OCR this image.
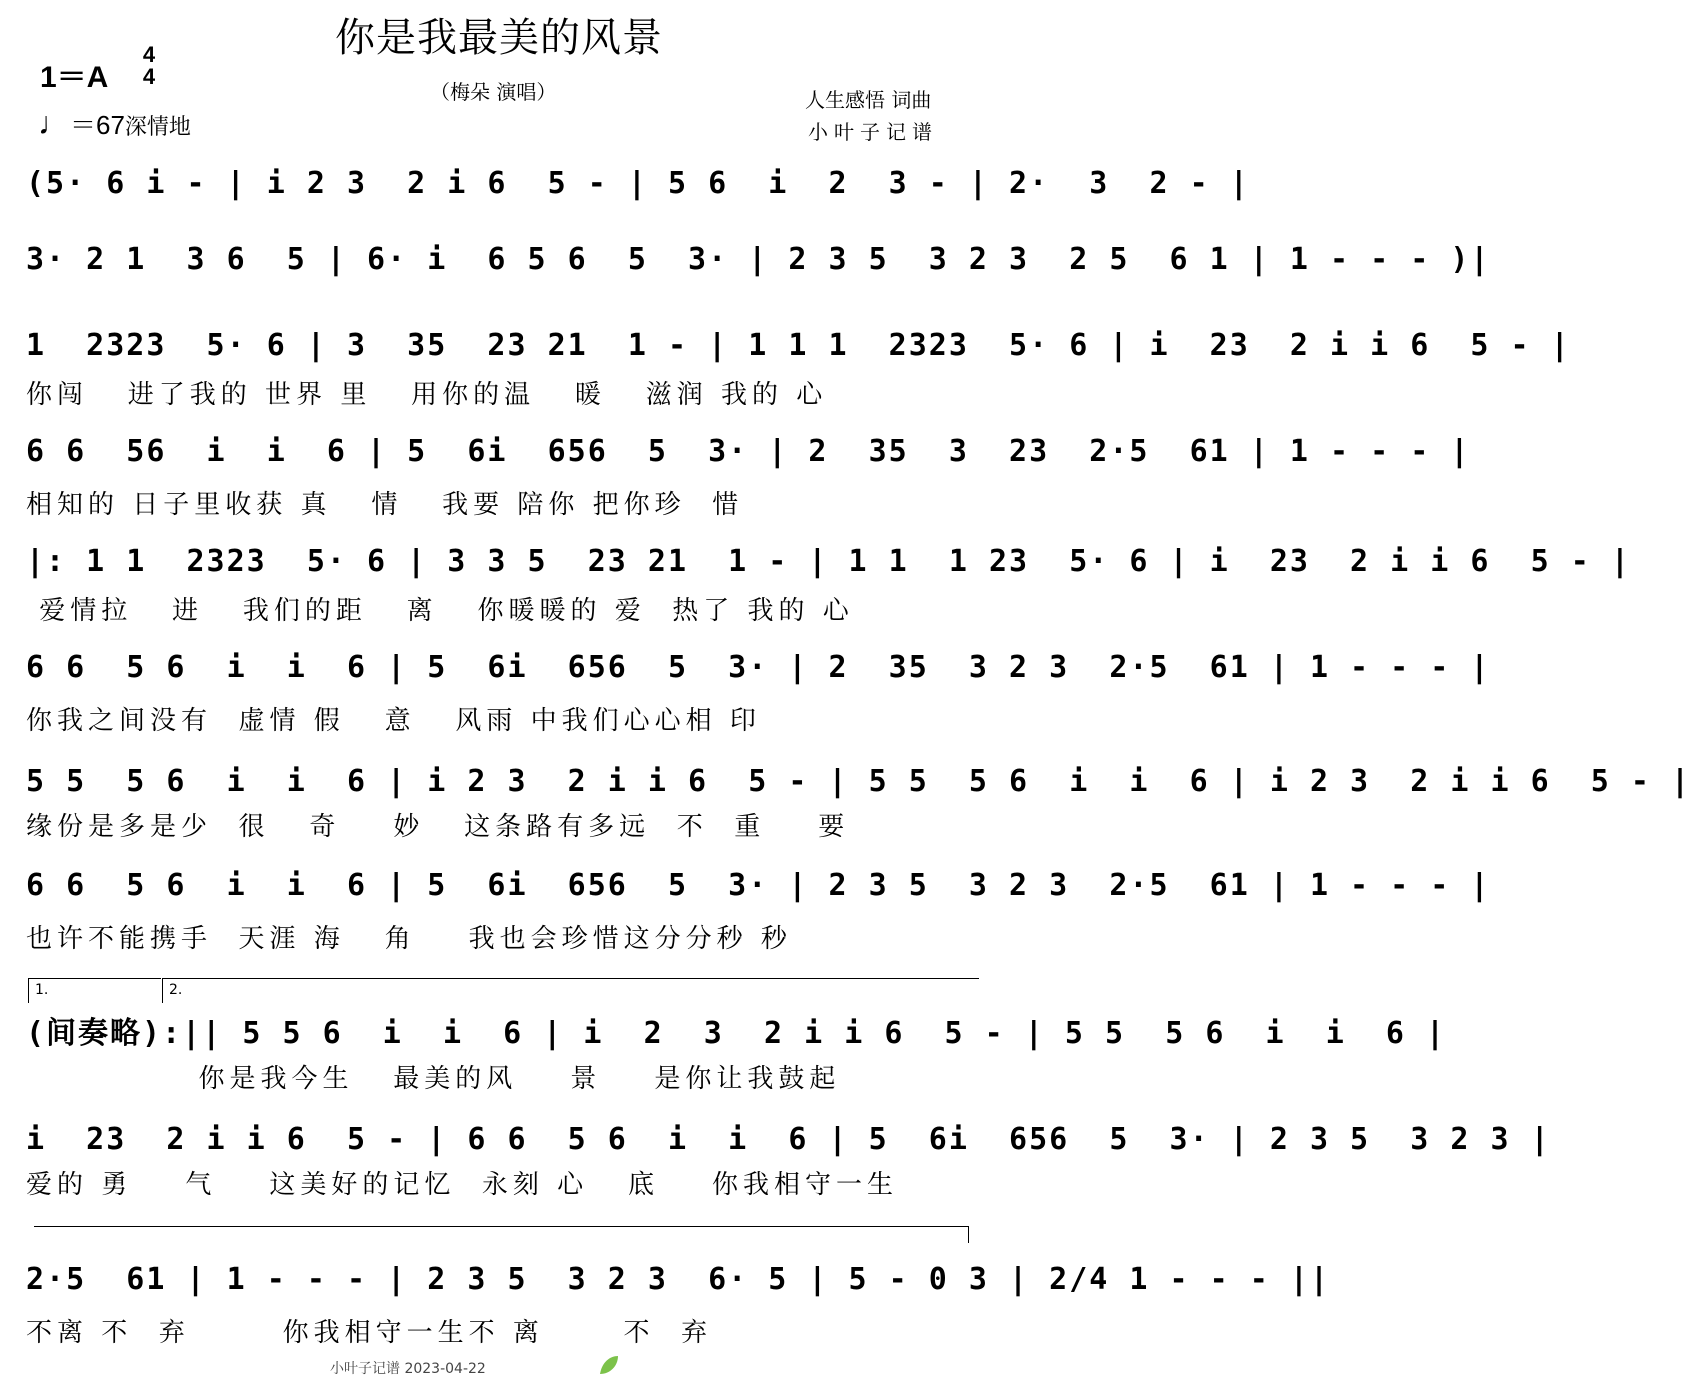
你是我最美的风景
1＝A
4
4
♩＝67深情地
（梅朵 演唱）	人生感悟 词曲
小叶子记谱
(5· 6 i - | i 2 3  2 i 6  5 - | 5 6  i  2  3 - | 2·  3  2 - |
3· 2 1  3 6  5 | 6· i  6 5 6  5  3· | 2 3 5  3 2 3  2 5  6 1 | 1 - - - )|
1  2323  5· 6 | 3  35  23 21  1 - | 1 1 1  2323  5· 6 | i  23  2 i i 6  5 - |
你闯   进了我的 世界 里   用你的温   暖   滋润 我的 心
6 6  56  i  i  6 | 5  6i  656  5  3· | 2  35  3  23  2·5  61 | 1 - - - |
相知的 日子里收获 真   情   我要 陪你 把你珍  惜
|: 1 1  2323  5· 6 | 3 3 5  23 21  1 - | 1 1  1 23  5· 6 | i  23  2 i i 6  5 - |
爱情拉   进   我们的距   离   你暖暖的 爱  热了 我的 心
6 6  5 6  i  i  6 | 5  6i  656  5  3· | 2  35  3 2 3  2·5  61 | 1 - - - |
你我之间没有  虚情 假   意   风雨 中我们心心相 印
5 5  5 6  i  i  6 | i 2 3  2 i i 6  5 - | 5 5  5 6  i  i  6 | i 2 3  2 i i 6  5 - |
缘份是多是少  很   奇    妙   这条路有多远  不  重    要
6 6  5 6  i  i  6 | 5  6i  656  5  3· | 2 3 5  3 2 3  2·5  61 | 1 - - - |
也许不能携手  天涯 海   角    我也会珍惜这分分秒 秒
1.	2.
(间奏略):|| 5 5 6  i  i  6 | i  2  3  2 i i 6  5 - | 5 5  5 6  i  i  6 |
你是我今生   最美的风    景    是你让我鼓起
i  23  2 i i 6  5 - | 6 6  5 6  i  i  6 | 5  6i  656  5  3· | 2 3 5  3 2 3 |
爱的 勇    气    这美好的记忆  永刻 心   底    你我相守一生
2·5  61 | 1 - - - | 2 3 5  3 2 3  6· 5 | 5 - 0 3 | 2/4 1 - - - ||
不离 不  弃       你我相守一生不 离      不  弃
小叶子记谱 2023-04-22
